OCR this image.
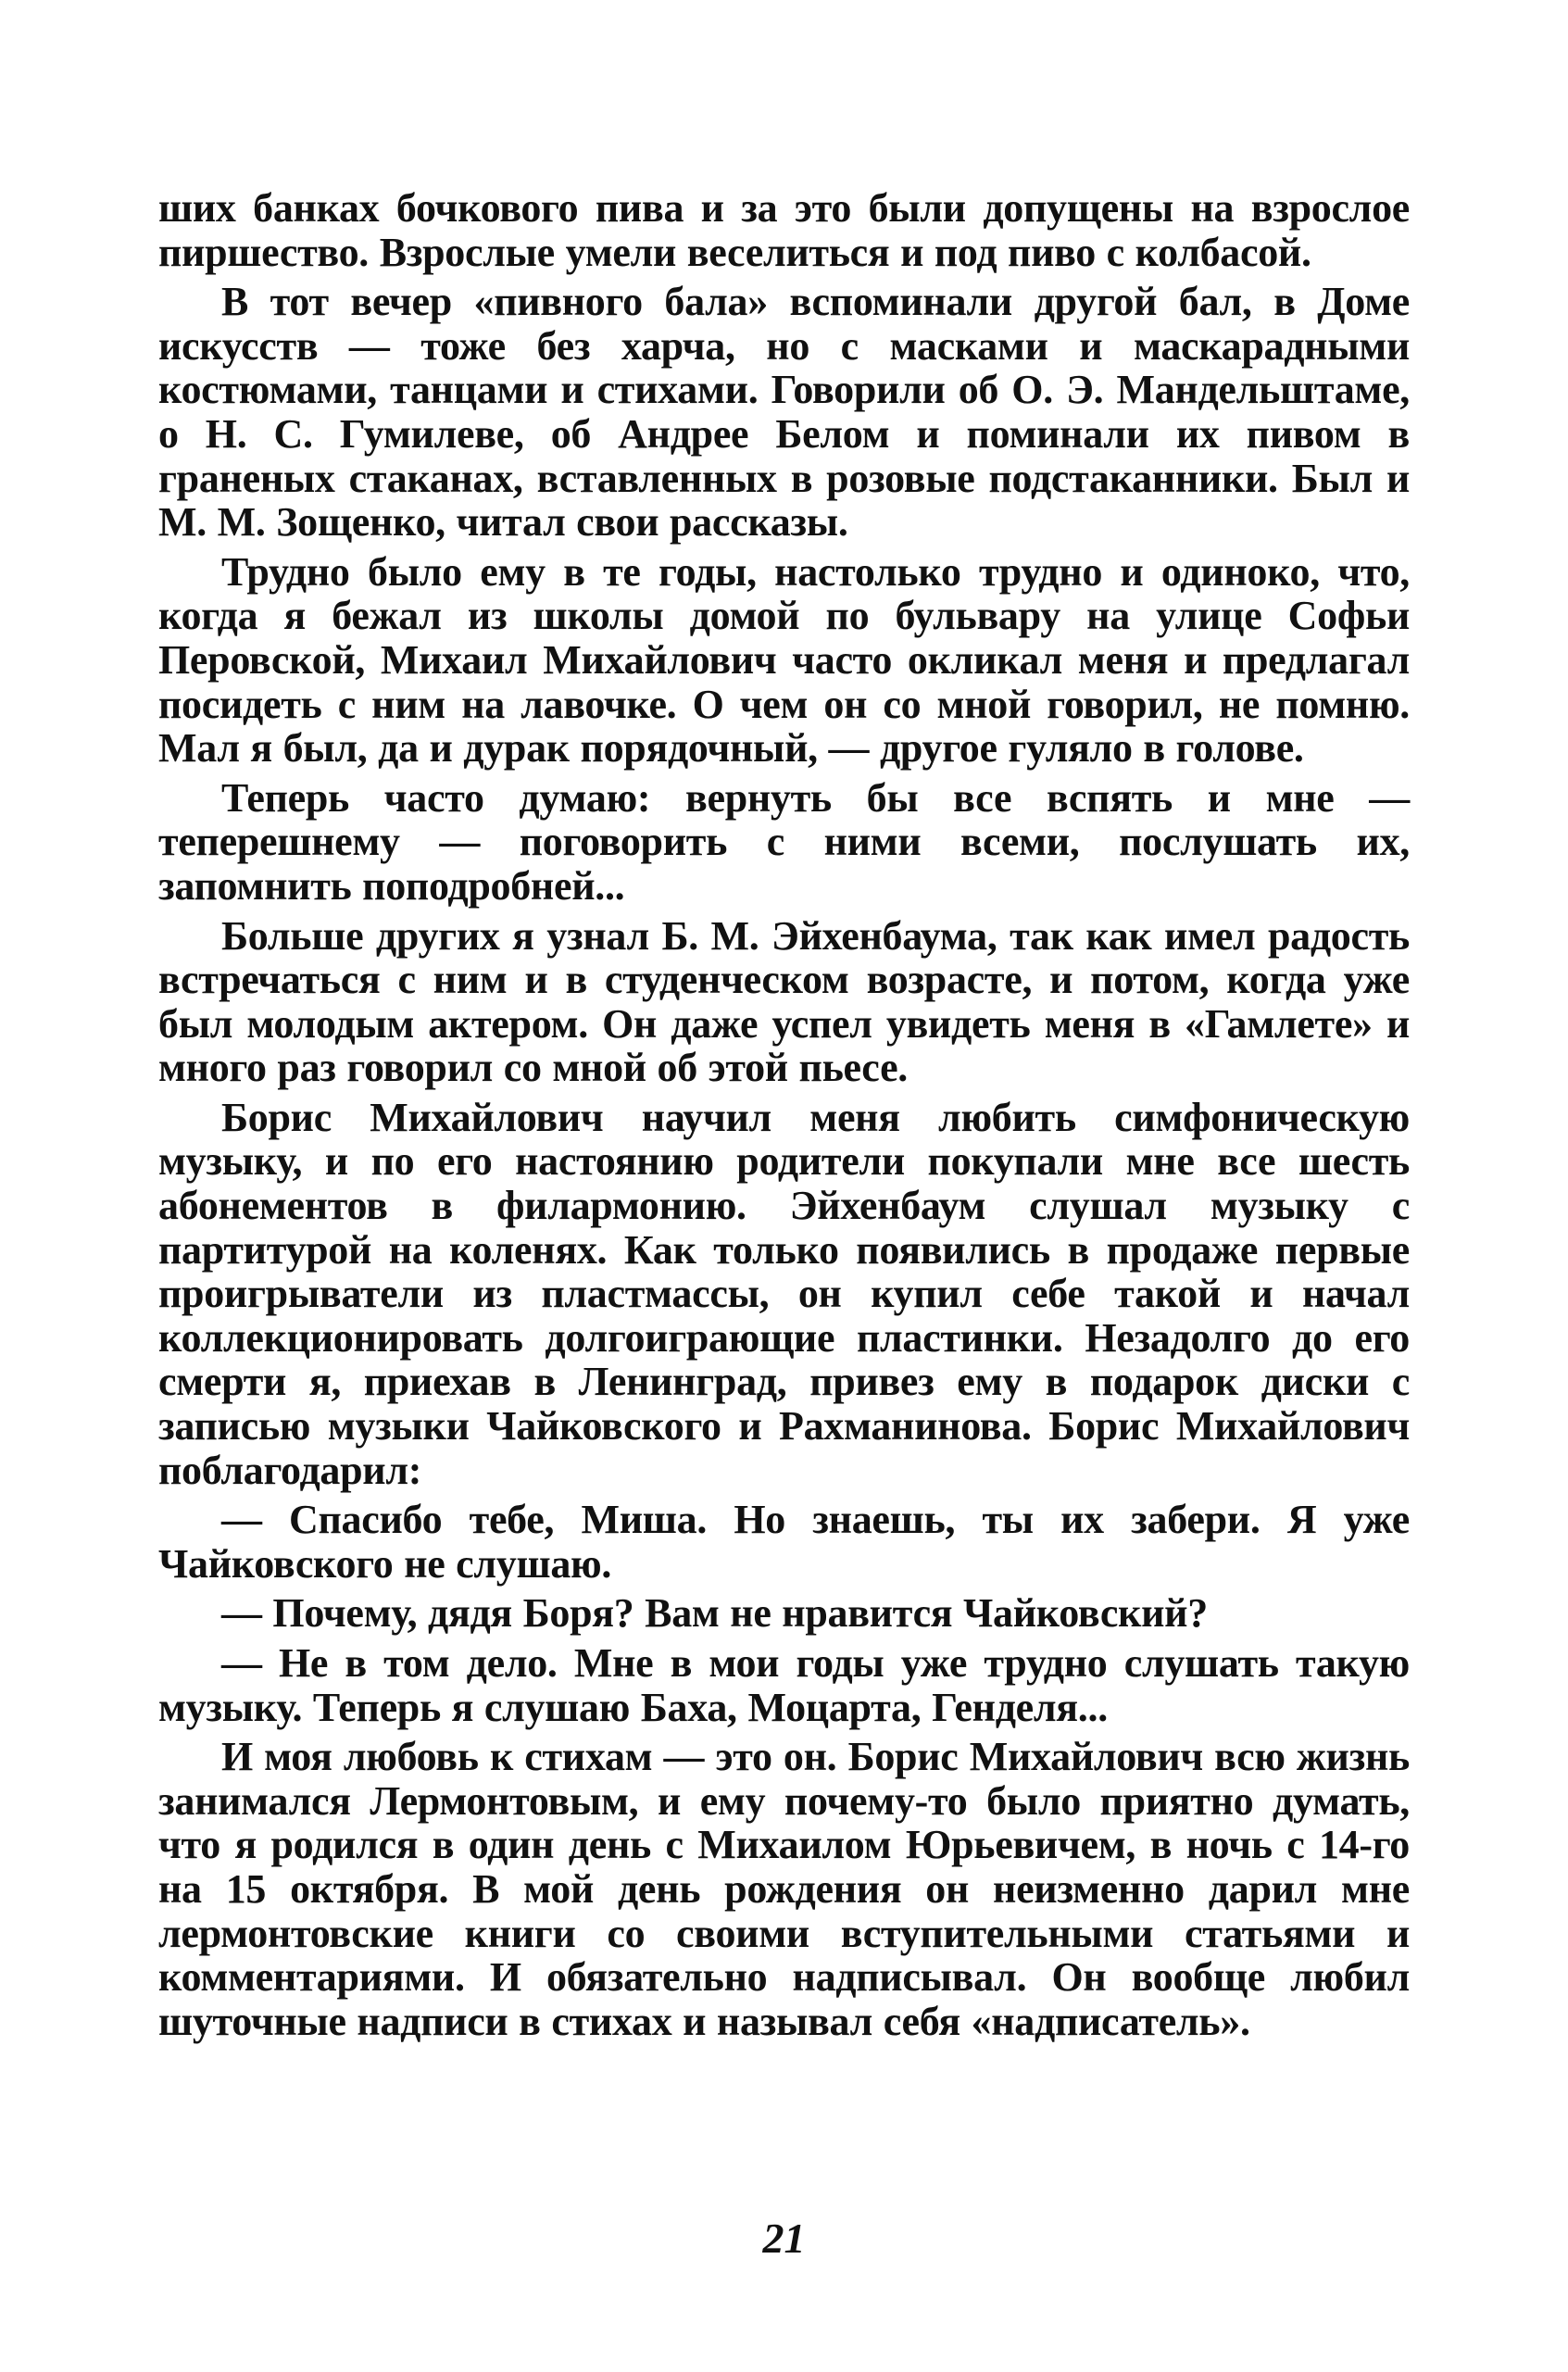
ших банках бочкового пива и за это были допущены на взрослое пиршество. Взрослые умели веселиться и под пиво с колбасой.

В тот вечер «пивного бала» вспоминали другой бал, в Доме искусств — тоже без харча, но с масками и маскарадными костюмами, танцами и стихами. Говорили об О. Э. Мандельштаме, о Н. С. Гумилеве, об Андрее Белом и поминали их пивом в граненых стаканах, вставленных в розовые подстаканники. Был и М. М. Зощенко, читал свои рассказы.

Трудно было ему в те годы, настолько трудно и одиноко, что, когда я бежал из школы домой по бульвару на улице Софьи Перовской, Михаил Михайлович часто окликал меня и предлагал посидеть с ним на лавочке. О чем он со мной говорил, не помню. Мал я был, да и дурак порядочный, — другое гуляло в голове.

Теперь часто думаю: вернуть бы все вспять и мне — теперешнему — поговорить с ними всеми, послушать их, запомнить поподробней...

Больше других я узнал Б. М. Эйхенбаума, так как имел радость встречаться с ним и в студенческом возрасте, и потом, когда уже был молодым актером. Он даже успел увидеть меня в «Гамлете» и много раз говорил со мной об этой пьесе.

Борис Михайлович научил меня любить симфоническую музыку, и по его настоянию родители покупали мне все шесть абонементов в филармонию. Эйхенбаум слушал музыку с партитурой на коленях. Как только появились в продаже первые проигрыватели из пластмассы, он купил себе такой и начал коллекционировать долгоиграющие пластинки. Незадолго до его смерти я, приехав в Ленинград, привез ему в подарок диски с записью музыки Чайковского и Рахманинова. Борис Михайлович поблагодарил:

— Спасибо тебе, Миша. Но знаешь, ты их забери. Я уже Чайковского не слушаю.

— Почему, дядя Боря? Вам не нравится Чайковский?

— Не в том дело. Мне в мои годы уже трудно слушать такую музыку. Теперь я слушаю Баха, Моцарта, Генделя...

И моя любовь к стихам — это он. Борис Михайлович всю жизнь занимался Лермонтовым, и ему почему-то было приятно думать, что я родился в один день с Михаилом Юрьевичем, в ночь с 14-го на 15 октября. В мой день рождения он неизменно дарил мне лермонтовские книги со своими вступительными статьями и комментариями. И обязательно надписывал. Он вообще любил шуточные надписи в стихах и называл себя «надписатель».

21
